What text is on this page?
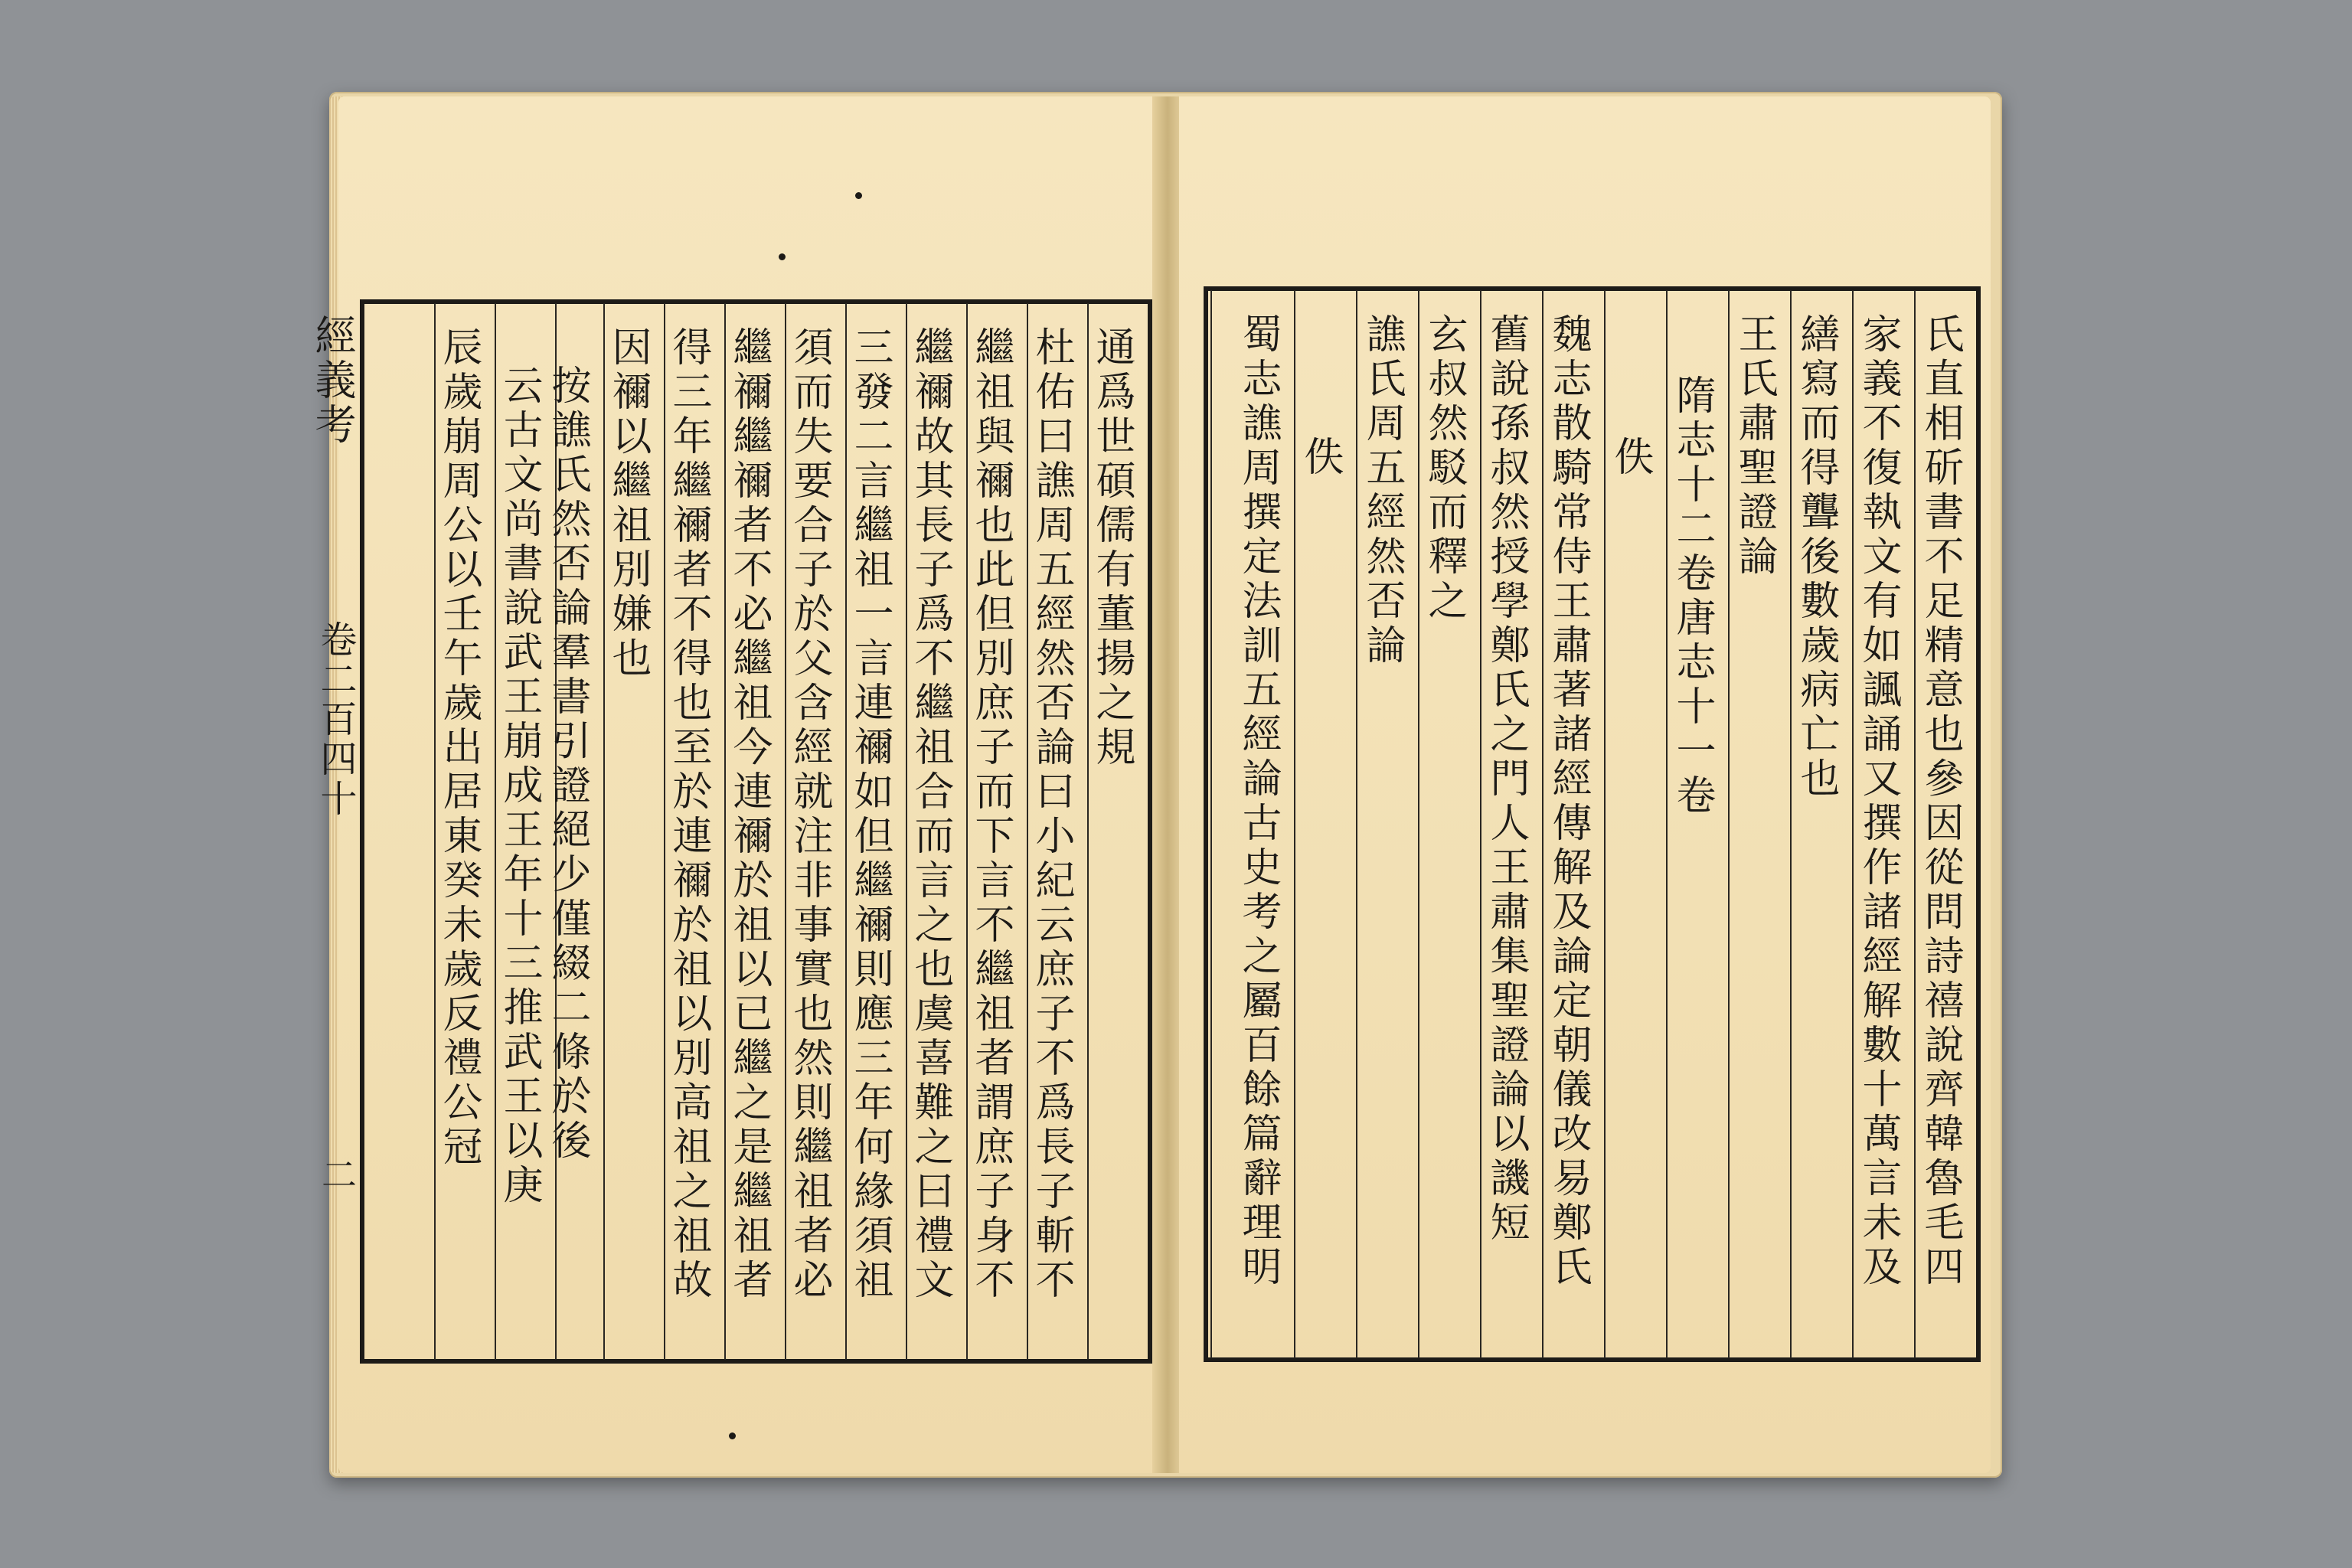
通爲世碩儒有董揚之規
杜佑曰譙周五經然否論曰小紀云庶子不爲長子斬不
繼祖與禰也此但別庶子而下言不繼祖者謂庶子身不
繼禰故其長子爲不繼祖合而言之也虞喜難之曰禮文
三發二言繼祖一言連禰如但繼禰則應三年何緣須祖
須而失要合子於父含經就注非事實也然則繼祖者必
繼禰繼禰者不必繼祖今連禰於祖以已繼之是繼祖者
得三年繼禰者不得也至於連禰於祖以別高祖之祖故
因禰以繼祖別嫌也
按譙氏然否論羣書引證絕少僅綴二條於後
云古文尚書說武王崩成王年十三推武王以庚
辰歲崩周公以壬午歲出居東癸未歲反禮公冠
經義考
卷二百四十
二	氏直相斫書不足精意也參因從問詩禧說齊韓魯毛四
家義不復執文有如諷誦又撰作諸經解數十萬言未及
繕寫而得聾後數歲病亡也
王氏肅聖證論
隋志十二卷唐志十一卷
佚
魏志散騎常侍王肅著諸經傳解及論定朝儀改易鄭氏
舊說孫叔然授學鄭氏之門人王肅集聖證論以譏短
玄叔然駁而釋之
譙氏周五經然否論
佚
蜀志譙周撰定法訓五經論古史考之屬百餘篇辭理明
